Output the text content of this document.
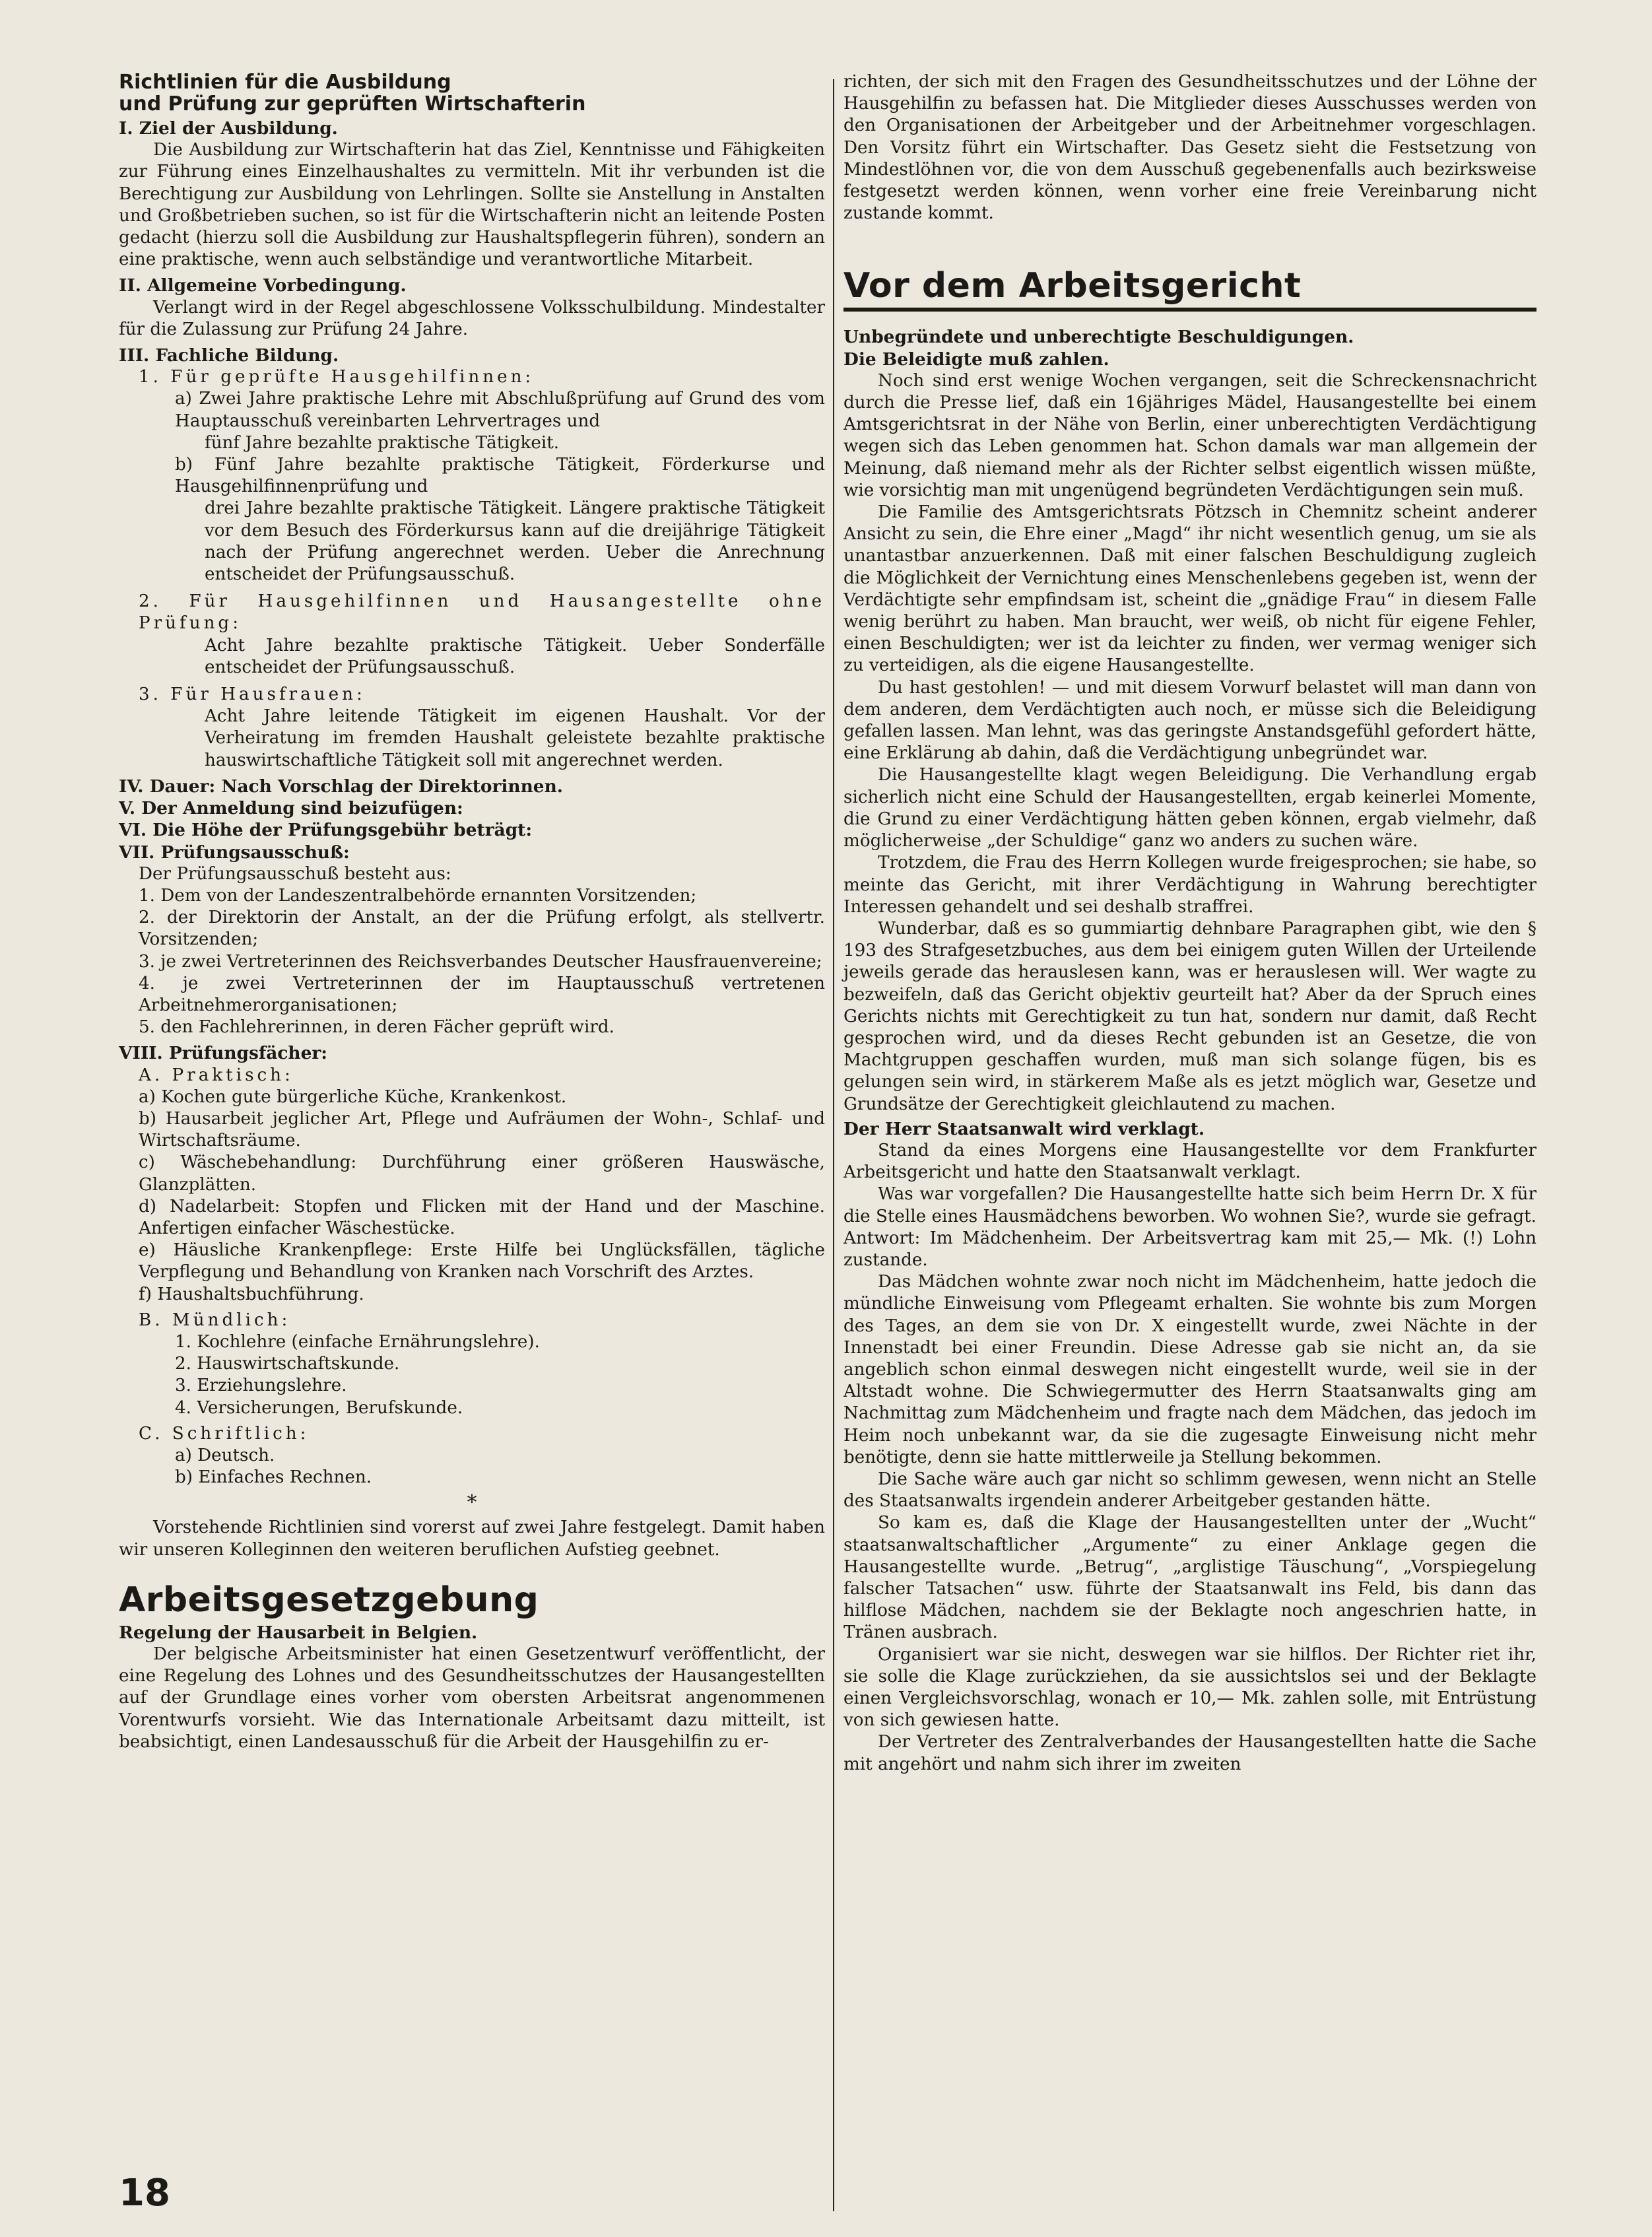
Richtlinien für die Ausbildung

und Prüfung zur geprüften Wirtschafterin

I. Ziel der Ausbildung.

Die Ausbildung zur Wirtschafterin hat das Ziel, Kenntnisse und Fähigkeiten zur Führung eines Einzelhaushaltes zu vermitteln. Mit ihr verbunden ist die Berechtigung zur Ausbildung von Lehrlingen. Sollte sie Anstellung in Anstalten und Großbetrieben suchen, so ist für die Wirtschafterin nicht an leitende Posten gedacht (hierzu soll die Ausbildung zur Haushaltspflegerin führen), sondern an eine praktische, wenn auch selbständige und verantwortliche Mitarbeit.

II. Allgemeine Vorbedingung.

Verlangt wird in der Regel abgeschlossene Volksschulbildung. Mindestalter für die Zulassung zur Prüfung 24 Jahre.

III. Fachliche Bildung.

1. Für geprüfte Hausgehilfinnen:

a) Zwei Jahre praktische Lehre mit Abschlußprüfung auf Grund des vom Hauptausschuß vereinbarten Lehrvertrages und

fünf Jahre bezahlte praktische Tätigkeit.

b) Fünf Jahre bezahlte praktische Tätigkeit, Förderkurse und Hausgehilfinnenprüfung und

drei Jahre bezahlte praktische Tätigkeit. Längere praktische Tätigkeit vor dem Besuch des Förderkursus kann auf die dreijährige Tätigkeit nach der Prüfung angerechnet werden. Ueber die Anrechnung entscheidet der Prüfungsausschuß.

2. Für Hausgehilfinnen und Hausangestellte ohne Prüfung:

Acht Jahre bezahlte praktische Tätigkeit. Ueber Sonderfälle entscheidet der Prüfungsausschuß.

3. Für Hausfrauen:

Acht Jahre leitende Tätigkeit im eigenen Haushalt. Vor der Verheiratung im fremden Haushalt geleistete bezahlte praktische hauswirtschaftliche Tätigkeit soll mit angerechnet werden.

IV. Dauer: Nach Vorschlag der Direktorinnen.

V. Der Anmeldung sind beizufügen:

VI. Die Höhe der Prüfungsgebühr beträgt:

VII. Prüfungsausschuß:

Der Prüfungsausschuß besteht aus:

1. Dem von der Landeszentralbehörde ernannten Vorsitzenden;

2. der Direktorin der Anstalt, an der die Prüfung erfolgt, als stellvertr. Vorsitzenden;

3. je zwei Vertreterinnen des Reichsverbandes Deutscher Hausfrauenvereine;

4. je zwei Vertreterinnen der im Hauptausschuß vertretenen Arbeitnehmerorganisationen;

5. den Fachlehrerinnen, in deren Fächer geprüft wird.

VIII. Prüfungsfächer:

A. Praktisch:

a) Kochen gute bürgerliche Küche, Krankenkost.

b) Hausarbeit jeglicher Art, Pflege und Aufräumen der Wohn-, Schlaf- und Wirtschaftsräume.

c) Wäschebehandlung: Durchführung einer größeren Hauswäsche, Glanzplätten.

d) Nadelarbeit: Stopfen und Flicken mit der Hand und der Maschine. Anfertigen einfacher Wäschestücke.

e) Häusliche Krankenpflege: Erste Hilfe bei Unglücksfällen, tägliche Verpflegung und Behandlung von Kranken nach Vorschrift des Arztes.

f) Haushaltsbuchführung.

B. Mündlich:

1. Kochlehre (einfache Ernährungslehre).

2. Hauswirtschaftskunde.

3. Erziehungslehre.

4. Versicherungen, Berufskunde.

C. Schriftlich:

a) Deutsch.

b) Einfaches Rechnen.

*

Vorstehende Richtlinien sind vorerst auf zwei Jahre festgelegt. Damit haben wir unseren Kolleginnen den weiteren beruflichen Aufstieg geebnet.

Arbeitsgesetzgebung

Regelung der Hausarbeit in Belgien.

Der belgische Arbeitsminister hat einen Gesetzentwurf veröffentlicht, der eine Regelung des Lohnes und des Gesundheitsschutzes der Hausangestellten auf der Grundlage eines vorher vom obersten Arbeitsrat angenommenen Vorentwurfs vorsieht. Wie das Internationale Arbeitsamt dazu mitteilt, ist beabsichtigt, einen Landesausschuß für die Arbeit der Hausgehilfin zu er-

richten, der sich mit den Fragen des Gesundheitsschutzes und der Löhne der Hausgehilfin zu befassen hat. Die Mitglieder dieses Ausschusses werden von den Organisationen der Arbeitgeber und der Arbeitnehmer vorgeschlagen. Den Vorsitz führt ein Wirtschafter. Das Gesetz sieht die Festsetzung von Mindestlöhnen vor, die von dem Ausschuß gegebenenfalls auch bezirksweise festgesetzt werden können, wenn vorher eine freie Vereinbarung nicht zustande kommt.

Vor dem Arbeitsgericht

Unbegründete und unberechtigte Beschuldigungen.

Die Beleidigte muß zahlen.

Noch sind erst wenige Wochen vergangen, seit die Schreckensnachricht durch die Presse lief, daß ein 16jähriges Mädel, Hausangestellte bei einem Amtsgerichtsrat in der Nähe von Berlin, einer unberechtigten Verdächtigung wegen sich das Leben genommen hat. Schon damals war man allgemein der Meinung, daß niemand mehr als der Richter selbst eigentlich wissen müßte, wie vorsichtig man mit ungenügend begründeten Verdächtigungen sein muß.

Die Familie des Amtsgerichtsrats Pötzsch in Chemnitz scheint anderer Ansicht zu sein, die Ehre einer „Magd“ ihr nicht wesentlich genug, um sie als unantastbar anzuerkennen. Daß mit einer falschen Beschuldigung zugleich die Möglichkeit der Vernichtung eines Menschenlebens gegeben ist, wenn der Verdächtigte sehr empfindsam ist, scheint die „gnädige Frau“ in diesem Falle wenig berührt zu haben. Man braucht, wer weiß, ob nicht für eigene Fehler, einen Beschuldigten; wer ist da leichter zu finden, wer vermag weniger sich zu verteidigen, als die eigene Hausangestellte.

Du hast gestohlen! — und mit diesem Vorwurf belastet will man dann von dem anderen, dem Verdächtigten auch noch, er müsse sich die Beleidigung gefallen lassen. Man lehnt, was das geringste Anstandsgefühl gefordert hätte, eine Erklärung ab dahin, daß die Verdächtigung unbegründet war.

Die Hausangestellte klagt wegen Beleidigung. Die Verhandlung ergab sicherlich nicht eine Schuld der Hausangestellten, ergab keinerlei Momente, die Grund zu einer Verdächtigung hätten geben können, ergab vielmehr, daß möglicherweise „der Schuldige“ ganz wo anders zu suchen wäre.

Trotzdem, die Frau des Herrn Kollegen wurde freigesprochen; sie habe, so meinte das Gericht, mit ihrer Verdächtigung in Wahrung berechtigter Interessen gehandelt und sei deshalb straffrei.

Wunderbar, daß es so gummiartig dehnbare Paragraphen gibt, wie den § 193 des Strafgesetzbuches, aus dem bei einigem guten Willen der Urteilende jeweils gerade das herauslesen kann, was er herauslesen will. Wer wagte zu bezweifeln, daß das Gericht objektiv geurteilt hat? Aber da der Spruch eines Gerichts nichts mit Gerechtigkeit zu tun hat, sondern nur damit, daß Recht gesprochen wird, und da dieses Recht gebunden ist an Gesetze, die von Machtgruppen geschaffen wurden, muß man sich solange fügen, bis es gelungen sein wird, in stärkerem Maße als es jetzt möglich war, Gesetze und Grundsätze der Gerechtigkeit gleichlautend zu machen.

Der Herr Staatsanwalt wird verklagt.

Stand da eines Morgens eine Hausangestellte vor dem Frankfurter Arbeitsgericht und hatte den Staatsanwalt verklagt.

Was war vorgefallen? Die Hausangestellte hatte sich beim Herrn Dr. X für die Stelle eines Hausmädchens beworben. Wo wohnen Sie?, wurde sie gefragt. Antwort: Im Mädchenheim. Der Arbeitsvertrag kam mit 25,— Mk. (!) Lohn zustande.

Das Mädchen wohnte zwar noch nicht im Mädchenheim, hatte jedoch die mündliche Einweisung vom Pflegeamt erhalten. Sie wohnte bis zum Morgen des Tages, an dem sie von Dr. X eingestellt wurde, zwei Nächte in der Innenstadt bei einer Freundin. Diese Adresse gab sie nicht an, da sie angeblich schon einmal deswegen nicht eingestellt wurde, weil sie in der Altstadt wohne. Die Schwiegermutter des Herrn Staatsanwalts ging am Nachmittag zum Mädchenheim und fragte nach dem Mädchen, das jedoch im Heim noch unbekannt war, da sie die zugesagte Einweisung nicht mehr benötigte, denn sie hatte mittlerweile ja Stellung bekommen.

Die Sache wäre auch gar nicht so schlimm gewesen, wenn nicht an Stelle des Staatsanwalts irgendein anderer Arbeitgeber gestanden hätte.

So kam es, daß die Klage der Hausangestellten unter der „Wucht“ staatsanwaltschaftlicher „Argumente“ zu einer Anklage gegen die Hausangestellte wurde. „Betrug“, „arglistige Täuschung“, „Vorspiegelung falscher Tatsachen“ usw. führte der Staatsanwalt ins Feld, bis dann das hilflose Mädchen, nachdem sie der Beklagte noch angeschrien hatte, in Tränen ausbrach.

Organisiert war sie nicht, deswegen war sie hilflos. Der Richter riet ihr, sie solle die Klage zurückziehen, da sie aussichtslos sei und der Beklagte einen Vergleichsvorschlag, wonach er 10,— Mk. zahlen solle, mit Entrüstung von sich gewiesen hatte.

Der Vertreter des Zentralverbandes der Hausangestellten hatte die Sache mit angehört und nahm sich ihrer im zweiten

18
